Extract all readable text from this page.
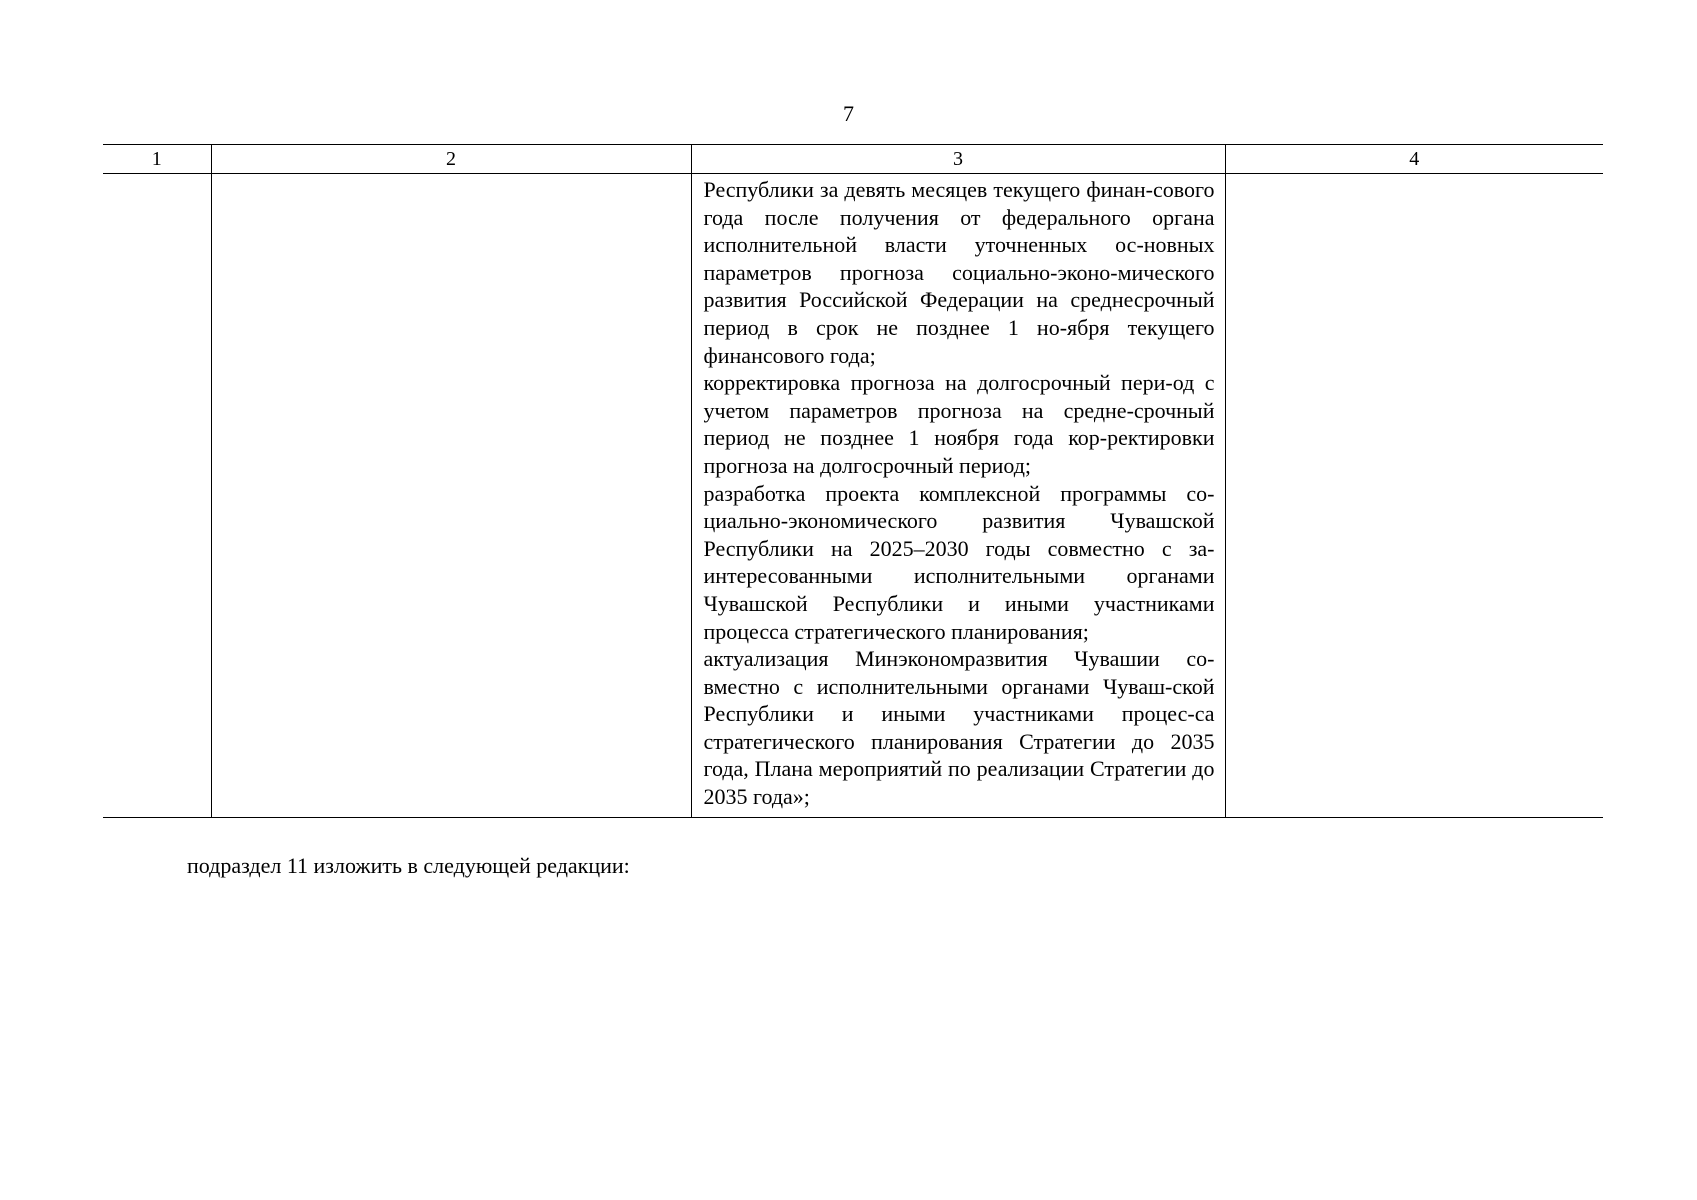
7
1	2	3	4

		Республики за девять месяцев текущего финан-сового года после получения от федерального органа исполнительной власти уточненных ос-новных параметров прогноза социально-эконо-мического развития Российской Федерации на среднесрочный период в срок не позднее 1 но-ября текущего финансового года;

корректировка прогноза на долгосрочный пери-од с учетом параметров прогноза на средне-срочный период не позднее 1 ноября года кор-ректировки прогноза на долгосрочный период;

разработка проекта комплексной программы со-циально-экономического развития Чувашской Республики на 2025–2030 годы совместно с за-интересованными исполнительными органами Чувашской Республики и иными участниками процесса стратегического планирования;

актуализация Минэкономразвития Чувашии со-вместно с исполнительными органами Чуваш-ской Республики и иными участниками процес-са стратегического планирования Стратегии до 2035 года, Плана мероприятий по реализации Стратегии до 2035 года»;	

подраздел 11 изложить в следующей редакции:
